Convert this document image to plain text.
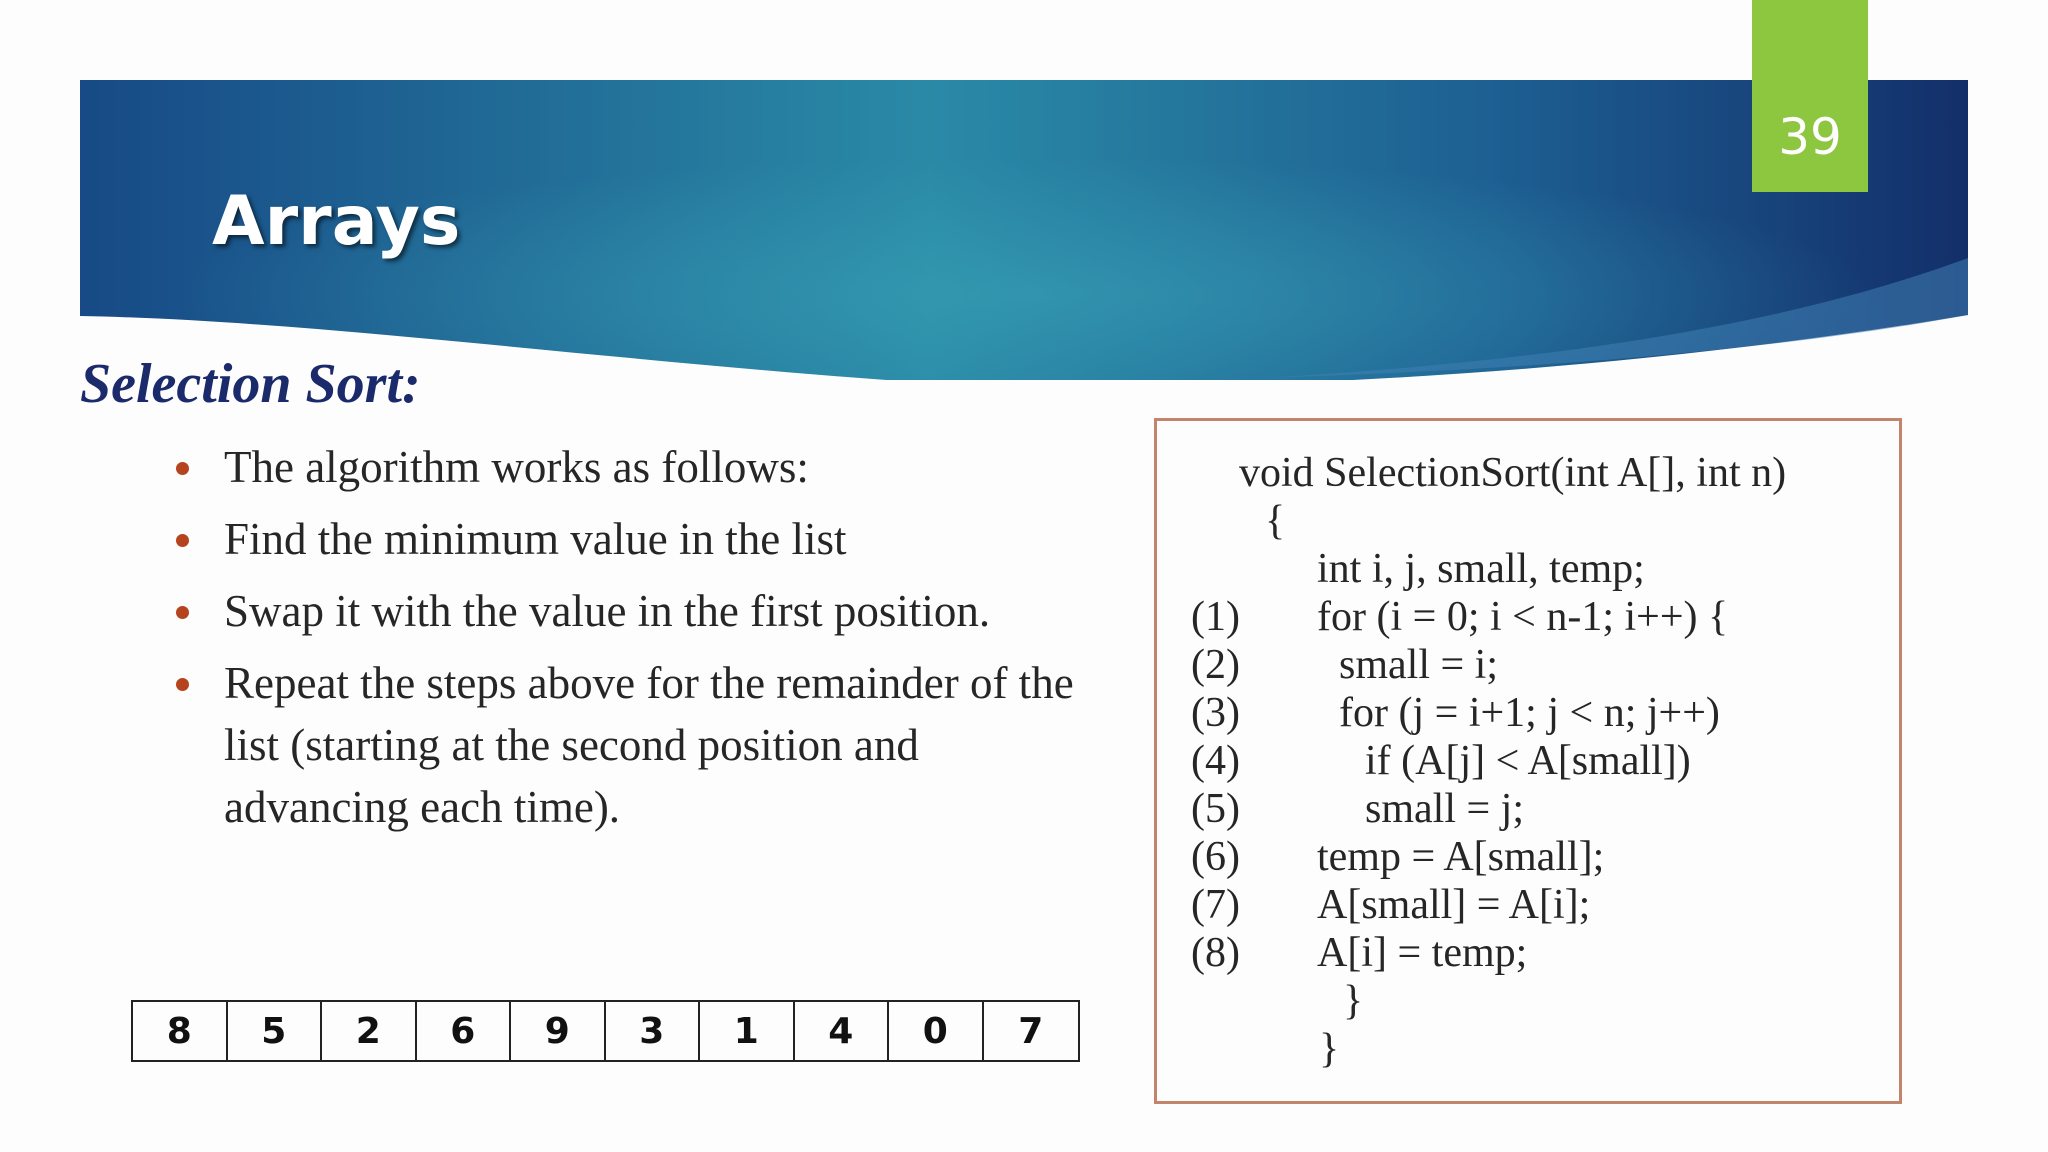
Arrays
39
Selection Sort:
The algorithm works as follows:
Find the minimum value in the list
Swap it with the value in the first position.
Repeat the steps above for the remainder of the list (starting at the second position and advancing each time).
8	5	2	6	9	3	1	4	0	7
void SelectionSort(int A[], int n)
{
int i, j, small, temp;
(1) for (i = 0; i < n-1; i++) {
(2) small = i;
(3) for (j = i+1; j < n; j++)
(4)	if (A[j] < A[small])
(5)	small = j;
(6) temp = A[small];
(7) A[small] = A[i];
(8) A[i] = temp;
}
}
